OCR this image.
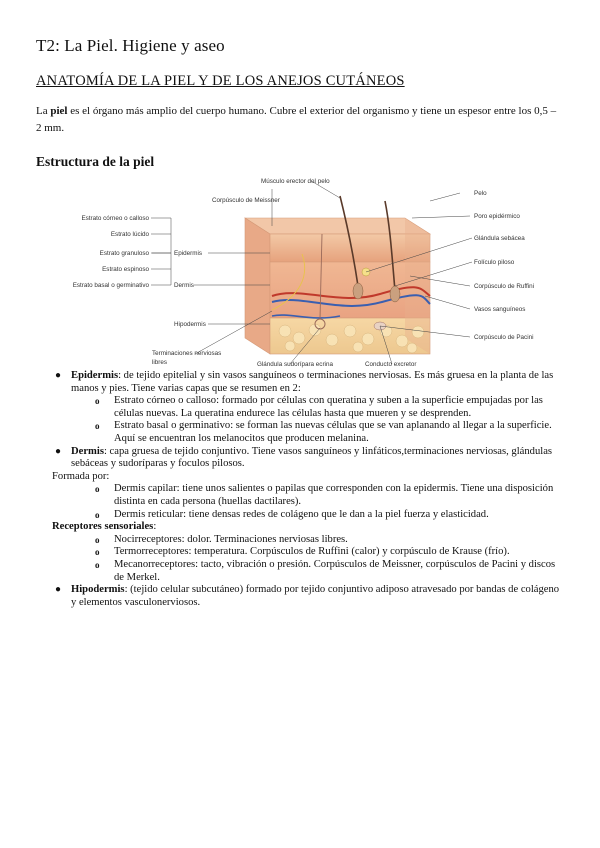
T2: La Piel. Higiene y aseo
ANATOMÍA DE LA PIEL Y DE LOS ANEJOS CUTÁNEOS

La piel es el órgano más amplio del cuerpo humano. Cubre el exterior del organismo y tiene un espesor entre los 0,5 – 2 mm.

Estructura de la piel
Estrato córneo o calloso
Estrato lúcido
Estrato granuloso
Estrato espinoso
Estrato basal o germinativo
Epidermis
Dermis
Hipodermis
Músculo erector del pelo
Corpúsculo de Meissner
Pelo
Poro epidérmico
Glándula sebácea
Folículo piloso
Corpúsculo de Ruffini
Vasos sanguíneos
Corpúsculo de Pacini
Terminaciones nerviosas
libres	Glándula sudorípara ecrina	Conducto excretor
● Epidermis: de tejido epitelial y sin vasos sanguíneos o terminaciones nerviosas. Es más gruesa en la planta de las manos y pies. Tiene varias capas que se resumen en 2:
o Estrato córneo o calloso: formado por células con queratina y suben a la superficie empujadas por las células nuevas. La queratina endurece las células hasta que mueren y se desprenden.
o Estrato basal o germinativo: se forman las nuevas células que se van aplanando al llegar a la superficie. Aquí se encuentran los melanocitos que producen melanina.
● Dermis: capa gruesa de tejido conjuntivo. Tiene vasos sanguíneos y linfáticos,terminaciones nerviosas, glándulas sebáceas y sudoríparas y foculos pilosos.
Formada por:
o Dermis capilar: tiene unos salientes o papilas que corresponden con la epidermis. Tiene una disposición distinta en cada persona (huellas dactilares).
o Dermis reticular: tiene densas redes de colágeno que le dan a la piel fuerza y elasticidad.
Receptores sensoriales:
o Nocirreceptores: dolor. Terminaciones nerviosas libres.
o Termorreceptores: temperatura. Corpúsculos de Ruffini (calor) y corpúsculo de Krause (frío).
o Mecanorreceptores: tacto, vibración o presión. Corpúsculos de Meissner, corpúsculos de Pacini y discos de Merkel.
● Hipodermis: (tejido celular subcutáneo) formado por tejido conjuntivo adiposo atravesado por bandas de colágeno y elementos vasculonerviosos.
